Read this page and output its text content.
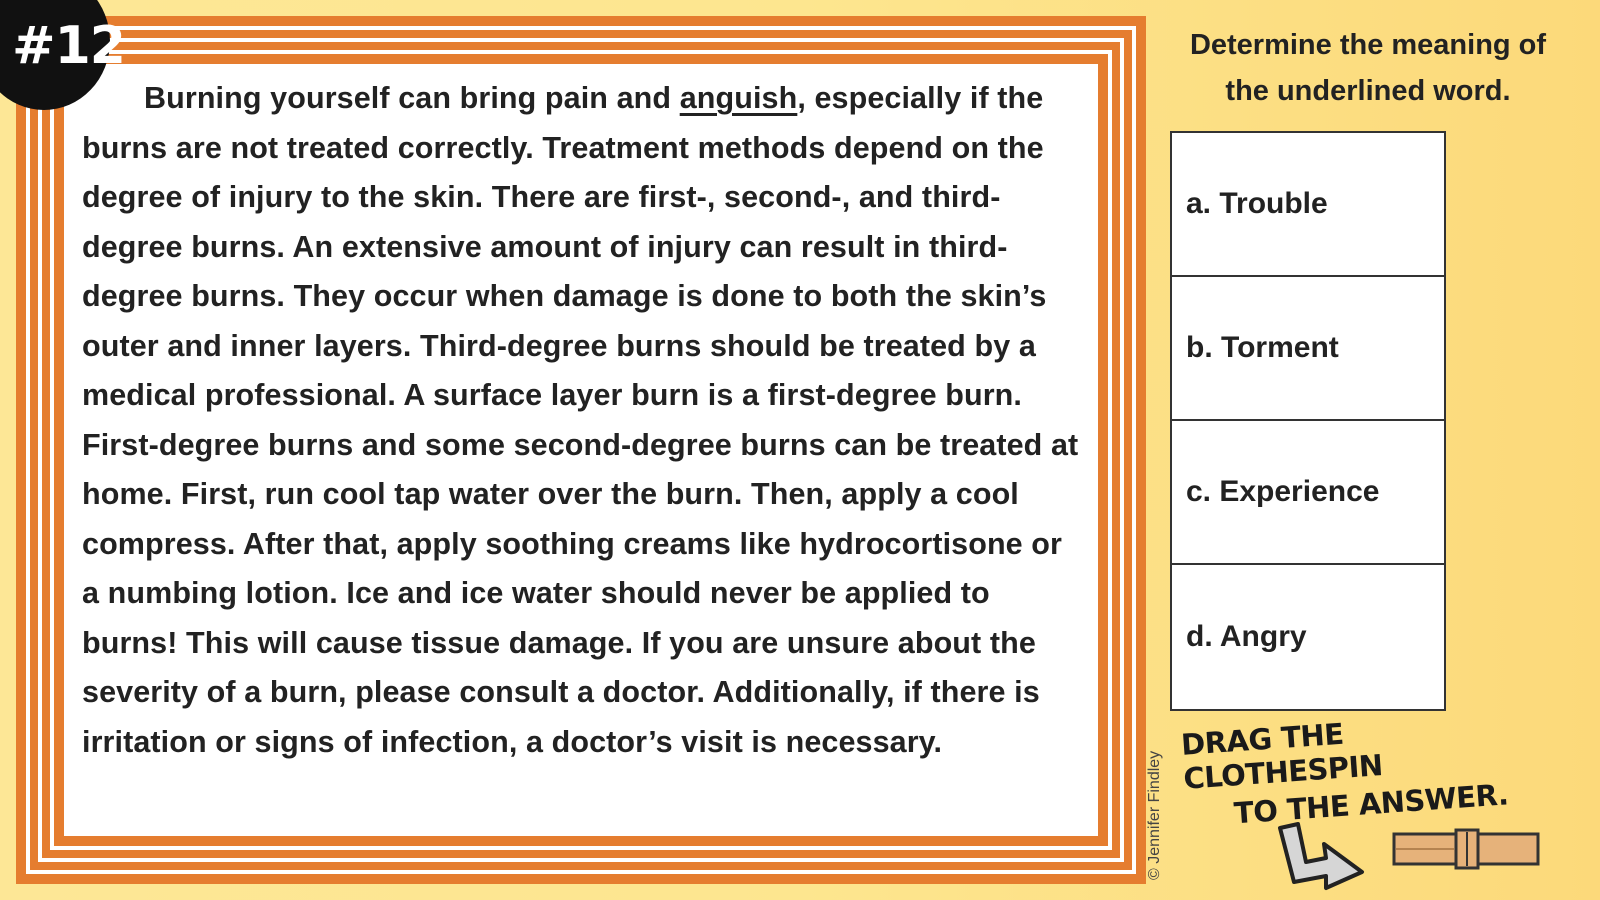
Burning yourself can bring pain and anguish, especially if the burns are not treated correctly. Treatment methods depend on the degree of injury to the skin. There are first-, second-, and third-degree burns. An extensive amount of injury can result in third-degree burns. They occur when damage is done to both the skin’s outer and inner layers. Third-degree burns should be treated by a medical professional. A surface layer burn is a first-degree burn. First-degree burns and some second-degree burns can be treated at home. First, run cool tap water over the burn. Then, apply a cool compress. After that, apply soothing creams like hydrocortisone or a numbing lotion. Ice and ice water should never be applied to burns! This will cause tissue damage. If you are unsure about the severity of a burn, please consult a doctor. Additionally, if there is irritation or signs of infection, a doctor’s visit is necessary.
#12	Determine the meaning of
the underlined word.
a. Trouble
b. Torment
c. Experience
d. Angry
© Jennifer Findley
DRAG THE CLOTHESPIN
TO THE ANSWER.
